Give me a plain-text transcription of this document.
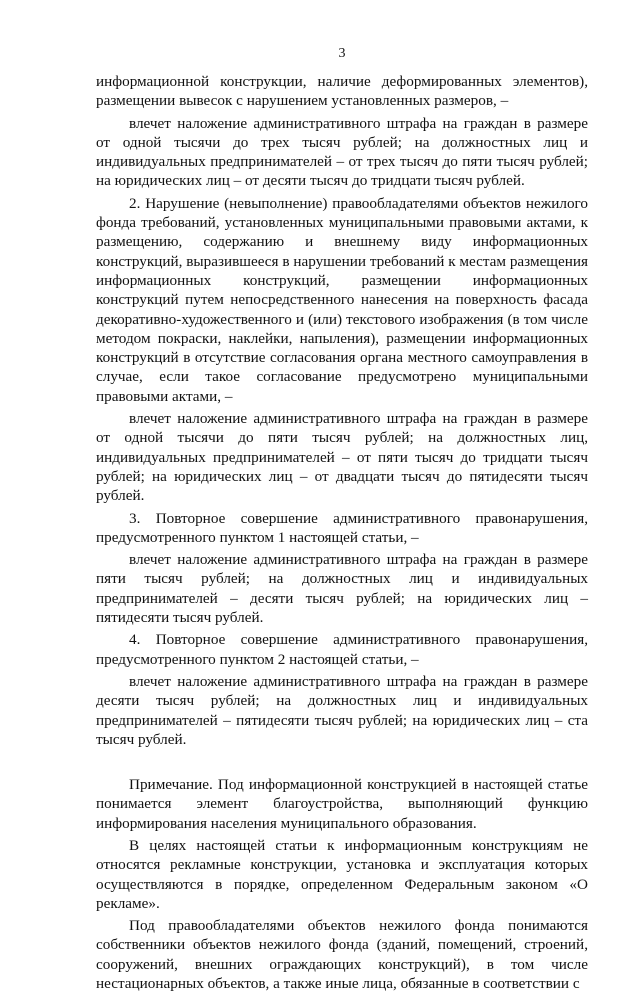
3

информационной конструкции, наличие деформированных элементов), размещении вывесок с нарушением установленных размеров, –

влечет наложение административного штрафа на граждан в размере от одной тысячи до трех тысяч рублей; на должностных лиц и индивидуальных предпринимателей – от трех тысяч до пяти тысяч рублей; на юридических лиц – от десяти тысяч до тридцати тысяч рублей.

2. Нарушение (невыполнение) правообладателями объектов нежилого фонда требований, установленных муниципальными правовыми актами, к размещению, содержанию и внешнему виду информационных конструкций, выразившееся в нарушении требований к местам размещения информационных конструкций, размещении информационных конструкций путем непосредственного нанесения на поверхность фасада декоративно-художественного и (или) текстового изображения (в том числе методом покраски, наклейки, напыления), размещении информационных конструкций в отсутствие согласования органа местного самоуправления в случае, если такое согласование предусмотрено муниципальными правовыми актами, –

влечет наложение административного штрафа на граждан в размере от одной тысячи до пяти тысяч рублей; на должностных лиц, индивидуальных предпринимателей – от пяти тысяч до тридцати тысяч рублей; на юридических лиц – от двадцати тысяч до пятидесяти тысяч рублей.

3. Повторное совершение административного правонарушения, предусмотренного пунктом 1 настоящей статьи, –

влечет наложение административного штрафа на граждан в размере пяти тысяч рублей; на должностных лиц и индивидуальных предпринимателей – десяти тысяч рублей; на юридических лиц – пятидесяти тысяч рублей.

4. Повторное совершение административного правонарушения, предусмотренного пунктом 2 настоящей статьи, –

влечет наложение административного штрафа на граждан в размере десяти тысяч рублей; на должностных лиц и индивидуальных предпринимателей – пятидесяти тысяч рублей; на юридических лиц – ста тысяч рублей.

Примечание. Под информационной конструкцией в настоящей статье понимается элемент благоустройства, выполняющий функцию информирования населения муниципального образования.

В целях настоящей статьи к информационным конструкциям не относятся рекламные конструкции, установка и эксплуатация которых осуществляются в порядке, определенном Федеральным законом «О рекламе».

Под правообладателями объектов нежилого фонда понимаются собственники объектов нежилого фонда (зданий, помещений, строений, сооружений, внешних ограждающих конструкций), в том числе нестационарных объектов, а также иные лица, обязанные в соответствии с
